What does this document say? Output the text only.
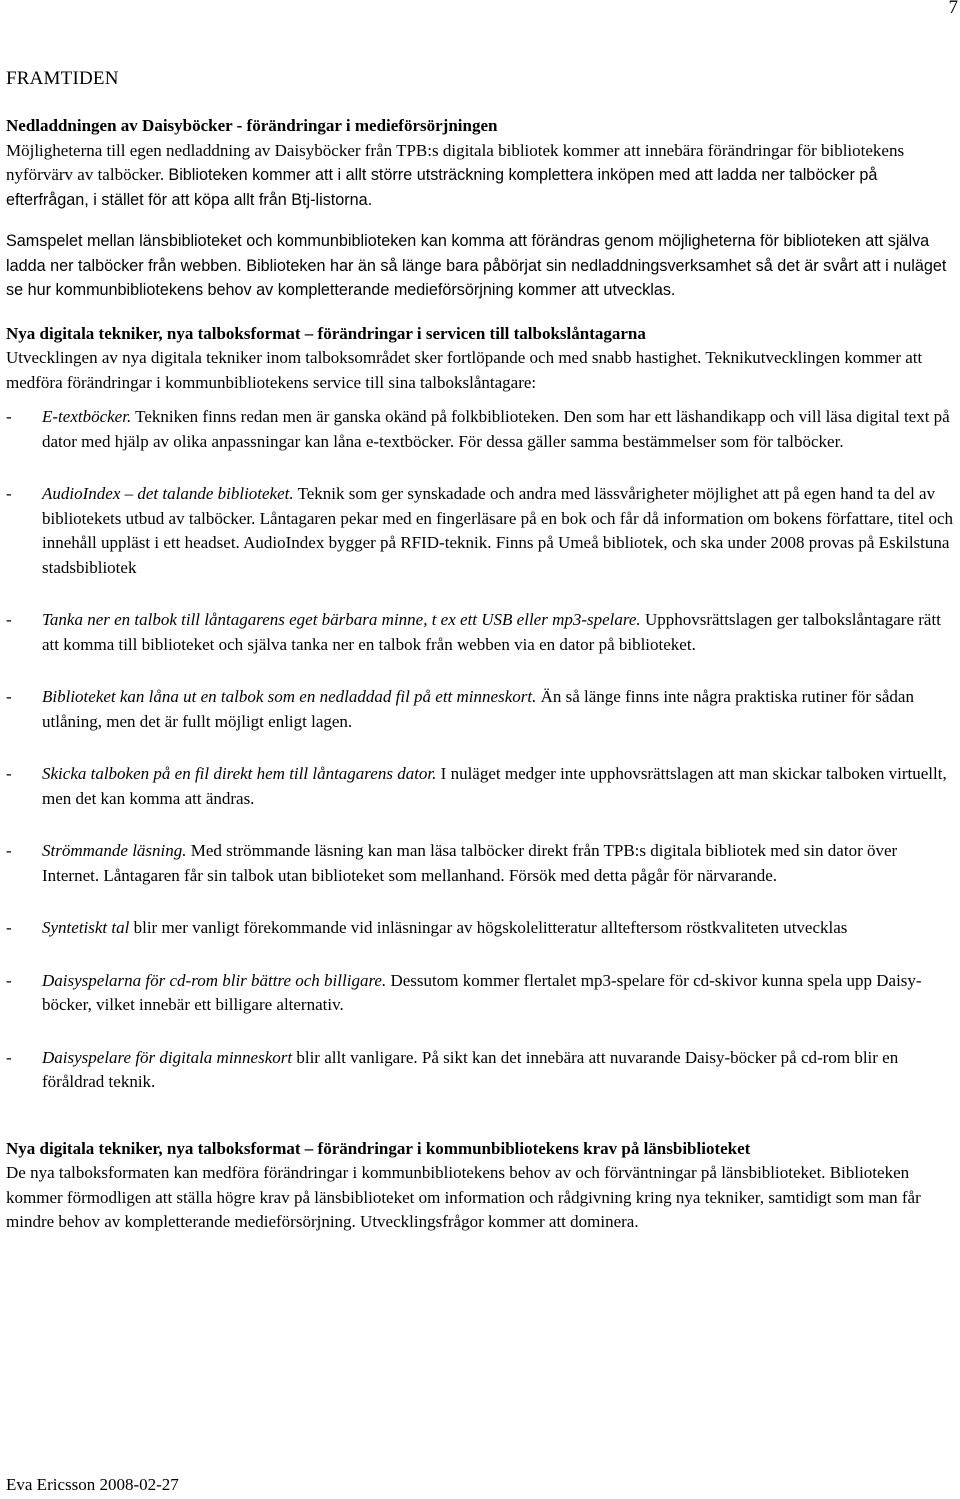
7
FRAMTIDEN

Nedladdningen av Daisyböcker - förändringar i medieförsörjningen

Möjligheterna till egen nedladdning av Daisyböcker från TPB:s digitala bibliotek kommer att innebära förändringar för bibliotekens nyförvärv av talböcker. Biblioteken kommer att i allt större utsträckning komplettera inköpen med att ladda ner talböcker på efterfrågan, i stället för att köpa allt från Btj-listorna.

Samspelet mellan länsbiblioteket och kommunbiblioteken kan komma att förändras genom möjligheterna för biblioteken att själva ladda ner talböcker från webben. Biblioteken har än så länge bara påbörjat sin nedladdningsverksamhet så det är svårt att i nuläget se hur kommunbibliotekens behov av kompletterande medieförsörjning kommer att utvecklas.

Nya digitala tekniker, nya talboksformat – förändringar i servicen till talbokslåntagarna

Utvecklingen av nya digitala tekniker inom talboksområdet sker fortlöpande och med snabb hastighet. Teknikutvecklingen kommer att medföra förändringar i kommunbibliotekens service till sina talbokslåntagare:

- E-textböcker. Tekniken finns redan men är ganska okänd på folkbiblioteken. Den som har ett läshandikapp och vill läsa digital text på dator med hjälp av olika anpassningar kan låna e-textböcker. För dessa gäller samma bestämmelser som för talböcker.
- AudioIndex – det talande biblioteket. Teknik som ger synskadade och andra med lässvårigheter möjlighet att på egen hand ta del av bibliotekets utbud av talböcker. Låntagaren pekar med en fingerläsare på en bok och får då information om bokens författare, titel och innehåll uppläst i ett headset. AudioIndex bygger på RFID-teknik. Finns på Umeå bibliotek, och ska under 2008 provas på Eskilstuna stadsbibliotek
- Tanka ner en talbok till låntagarens eget bärbara minne, t ex ett USB eller mp3-spelare. Upphovsrättslagen ger talbokslåntagare rätt att komma till biblioteket och själva tanka ner en talbok från webben via en dator på biblioteket.
- Biblioteket kan låna ut en talbok som en nedladdad fil på ett minneskort. Än så länge finns inte några praktiska rutiner för sådan utlåning, men det är fullt möjligt enligt lagen.
- Skicka talboken på en fil direkt hem till låntagarens dator. I nuläget medger inte upphovsrättslagen att man skickar talboken virtuellt, men det kan komma att ändras.
- Strömmande läsning. Med strömmande läsning kan man läsa talböcker direkt från TPB:s digitala bibliotek med sin dator över Internet. Låntagaren får sin talbok utan biblioteket som mellanhand. Försök med detta pågår för närvarande.
- Syntetiskt tal blir mer vanligt förekommande vid inläsningar av högskolelitteratur allteftersom röstkvaliteten utvecklas
- Daisyspelarna för cd-rom blir bättre och billigare. Dessutom kommer flertalet mp3-spelare för cd-skivor kunna spela upp Daisy-böcker, vilket innebär ett billigare alternativ.
- Daisyspelare för digitala minneskort blir allt vanligare. På sikt kan det innebära att nuvarande Daisy-böcker på cd-rom blir en föråldrad teknik.

Nya digitala tekniker, nya talboksformat – förändringar i kommunbibliotekens krav på länsbiblioteket

De nya talboksformaten kan medföra förändringar i kommunbibliotekens behov av och förväntningar på länsbiblioteket. Biblioteken kommer förmodligen att ställa högre krav på länsbiblioteket om information och rådgivning kring nya tekniker, samtidigt som man får mindre behov av kompletterande medieförsörjning. Utvecklingsfrågor kommer att dominera.

Eva Ericsson 2008-02-27
